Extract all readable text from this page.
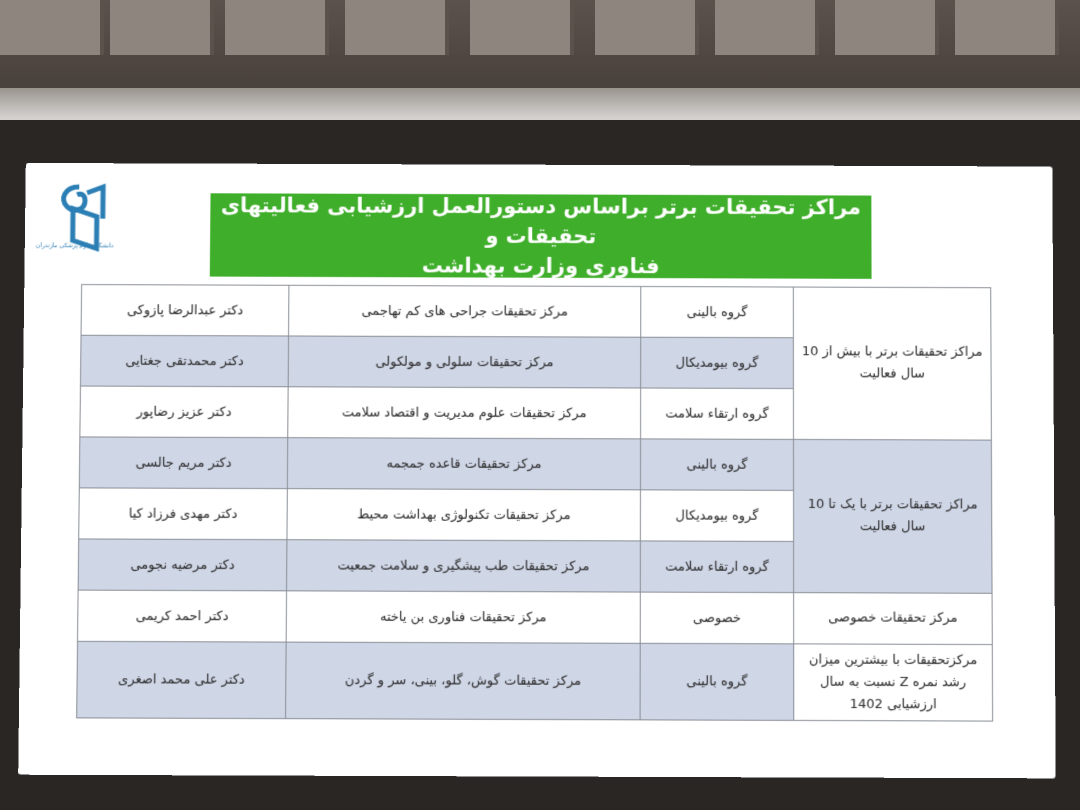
دانشگاه علوم پزشکی مازندران
مراکز تحقیقات برتر براساس دستورالعمل ارزشیابی فعالیتهای تحقیقات و
فناوری وزارت بهداشت
مراکز تحقیقات برتر با بیش از 10 سال فعالیت	گروه بالینی	مرکز تحقیقات جراحی های کم تهاجمی	دکتر عبدالرضا پازوکی
	گروه بیومدیکال	مرکز تحقیقات سلولی و مولکولی	دکتر محمدتقی جغتایی
	گروه ارتقاء سلامت	مرکز تحقیقات علوم مدیریت و اقتصاد سلامت	دکتر عزیز رضاپور
مراکز تحقیقات برتر با یک تا 10 سال فعالیت	گروه بالینی	مرکز تحقیقات قاعده جمجمه	دکتر مریم جالسی
	گروه بیومدیکال	مرکز تحقیقات تکنولوژی بهداشت محیط	دکتر مهدی فرزاد کیا
	گروه ارتقاء سلامت	مرکز تحقیقات طب پیشگیری و سلامت جمعیت	دکتر مرضیه نجومی
مرکز تحقیقات خصوصی	خصوصی	مرکز تحقیقات فناوری بن یاخته	دکتر احمد کریمی
مرکزتحقیقات با بیشترین میزان رشد نمره Z نسبت به سال ارزشیابی 1402	گروه بالینی	مرکز تحقیقات گوش، گلو، بینی، سر و گردن	دکتر علی محمد اصغری
